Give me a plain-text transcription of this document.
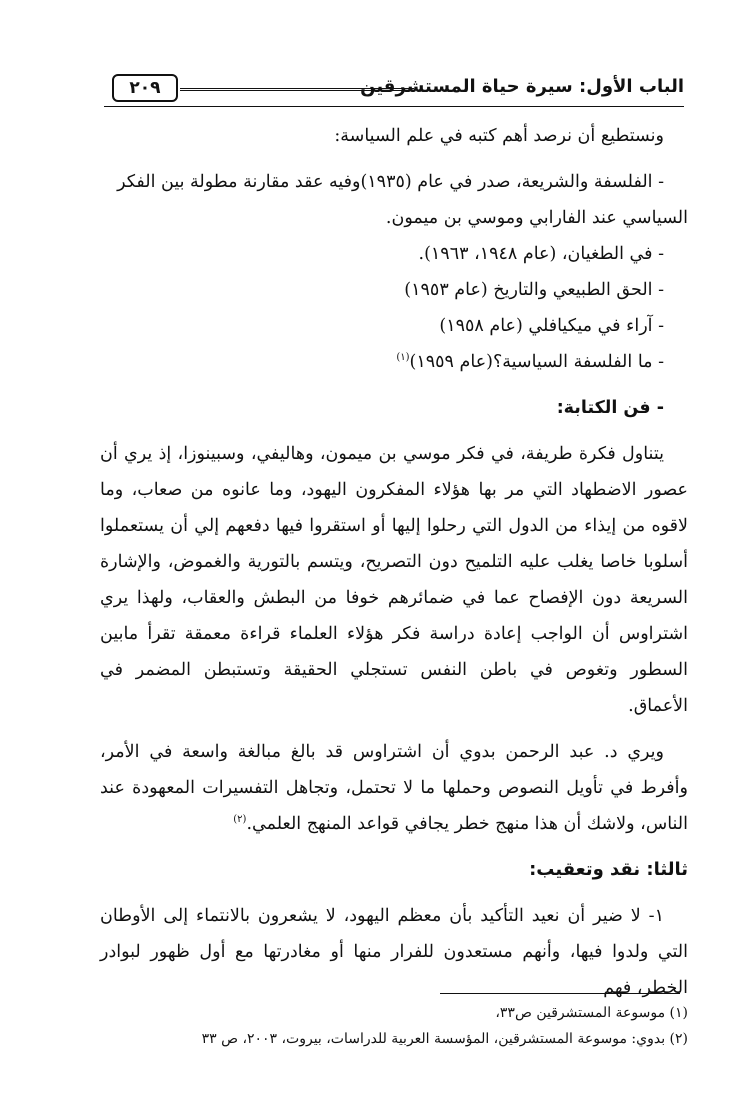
الباب الأول: سيرة حياة المستشرقين
٢٠٩

ونستطيع أن نرصد أهم كتبه في علم السياسة:

- الفلسفة والشريعة، صدر في عام (١٩٣٥)وفيه عقد مقارنة مطولة بين الفكر

السياسي عند الفارابي وموسي بن ميمون.

- في الطغيان، (عام ١٩٤٨، ١٩٦٣).

- الحق الطبيعي والتاريخ (عام ١٩٥٣)

- آراء في ميكيافلي (عام ١٩٥٨)

- ما الفلسفة السياسية؟(عام ١٩٥٩)$^{(١)}$

- فن الكتابة:

يتناول فكرة طريفة، في فكر موسي بن ميمون، وهاليفي، وسبينوزا، إذ يري أن عصور الاضطهاد التي مر بها هؤلاء المفكرون اليهود، وما عانوه من صعاب، وما لاقوه من إيذاء من الدول التي رحلوا إليها أو استقروا فيها دفعهم إلي أن يستعملوا أسلوبا خاصا يغلب عليه التلميح دون التصريح، ويتسم بالتورية والغموض، والإشارة السريعة دون الإفصاح عما في ضمائرهم خوفا من البطش والعقاب، ولهذا يري اشتراوس أن الواجب إعادة دراسة فكر هؤلاء العلماء قراءة معمقة تقرأ مابين السطور وتغوص في باطن النفس تستجلي الحقيقة وتستبطن المضمر في الأعماق.

ويري د. عبد الرحمن بدوي أن اشتراوس قد بالغ مبالغة واسعة في الأمر، وأفرط في تأويل النصوص وحملها ما لا تحتمل، وتجاهل التفسيرات المعهودة عند الناس، ولاشك أن هذا منهج خطر يجافي قواعد المنهج العلمي.$^{(٢)}$

ثالثا: نقد وتعقيب:

١- لا ضير أن نعيد التأكيد بأن معظم اليهود، لا يشعرون بالانتماء إلى الأوطان التي ولدوا فيها، وأنهم مستعدون للفرار منها أو مغادرتها مع أول ظهور لبوادر الخطر، فهم

(١) موسوعة المستشرقين ص٣٣،

(٢) بدوي: موسوعة المستشرقين، المؤسسة العربية للدراسات، بيروت، ٢٠٠٣، ص ٣٣
